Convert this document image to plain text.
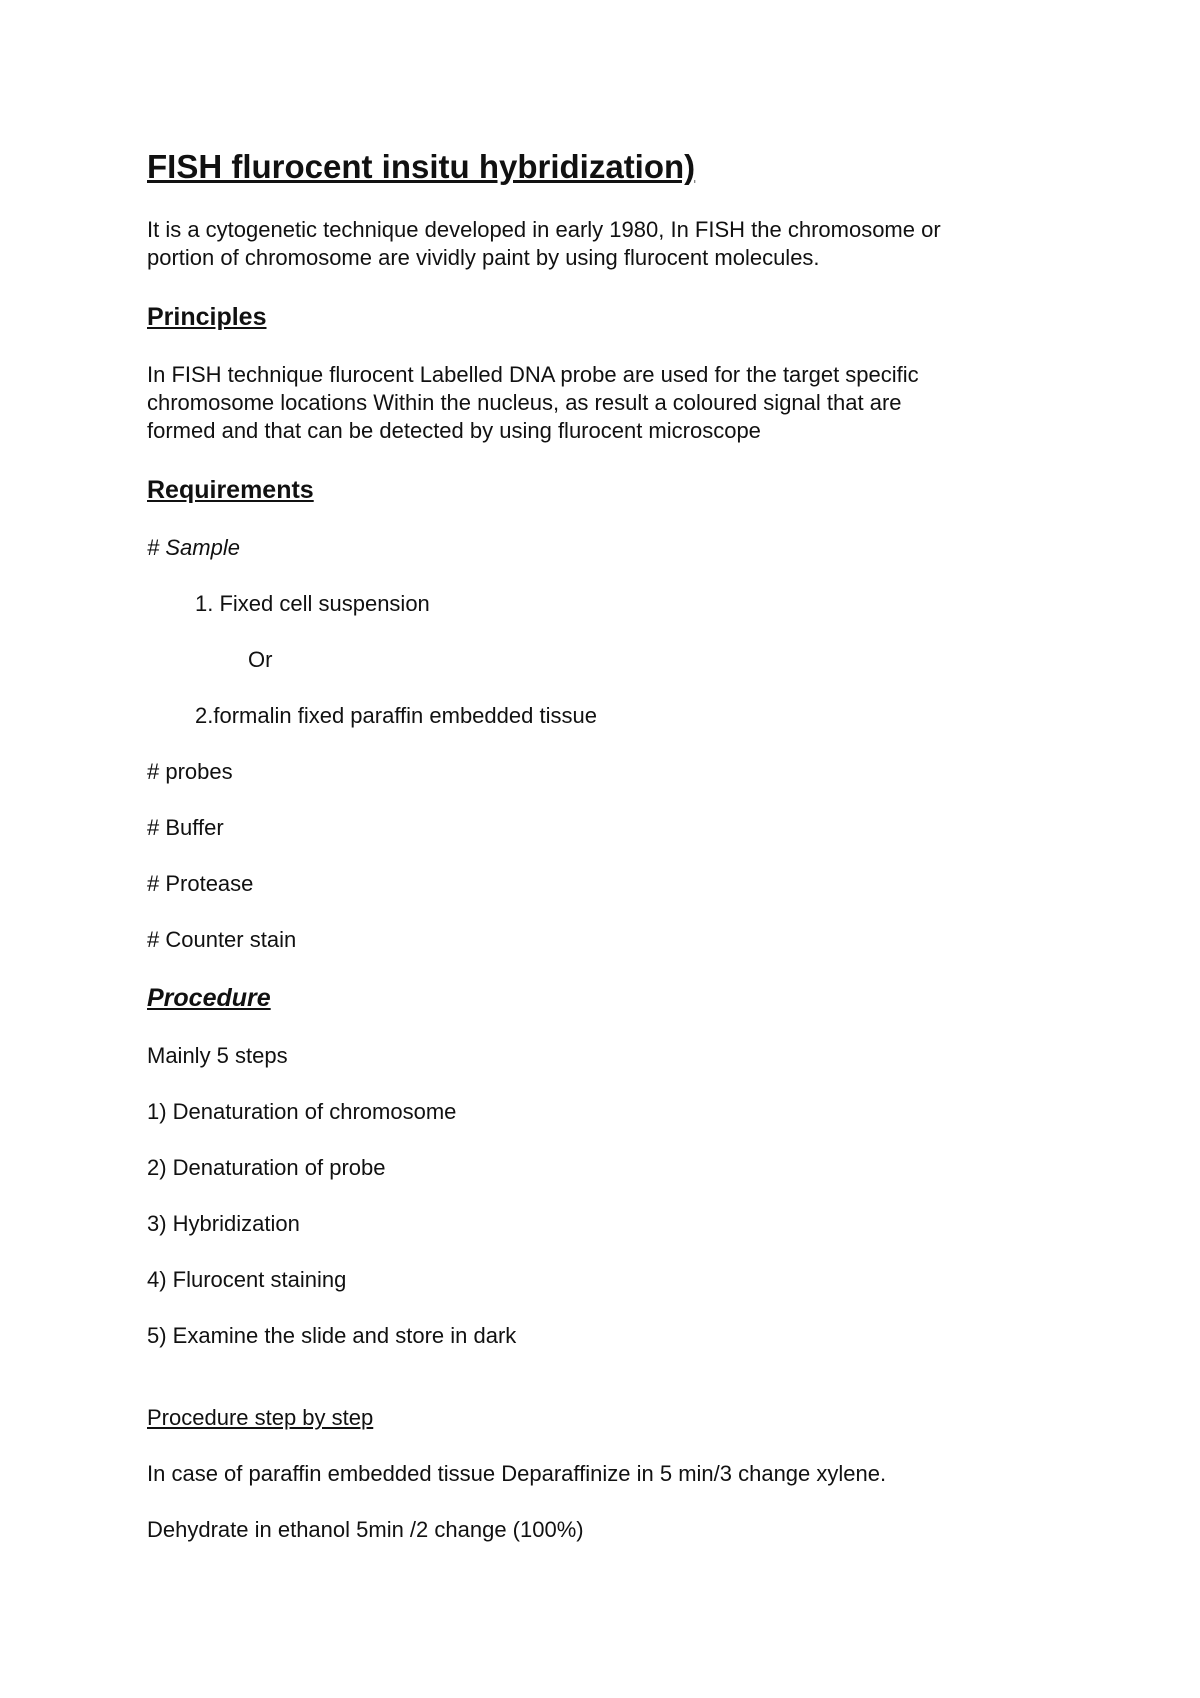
FISH flurocent insitu hybridization)
It is a cytogenetic technique developed in early 1980, In FISH the chromosome or
portion of chromosome are vividly paint by using flurocent molecules.
Principles
In FISH technique flurocent Labelled DNA probe are used for the target specific
chromosome locations Within the nucleus, as result a coloured signal that are
formed and that can be detected by using flurocent microscope
Requirements
# Sample
1. Fixed cell suspension
Or
2.formalin fixed paraffin embedded tissue
# probes
# Buffer
# Protease
# Counter stain
Procedure
Mainly 5 steps
1) Denaturation of chromosome
2) Denaturation of probe
3) Hybridization
4) Flurocent staining
5) Examine the slide and store in dark
Procedure step by step
In case of paraffin embedded tissue Deparaffinize in 5 min/3 change xylene.
Dehydrate in ethanol 5min /2 change (100%)
